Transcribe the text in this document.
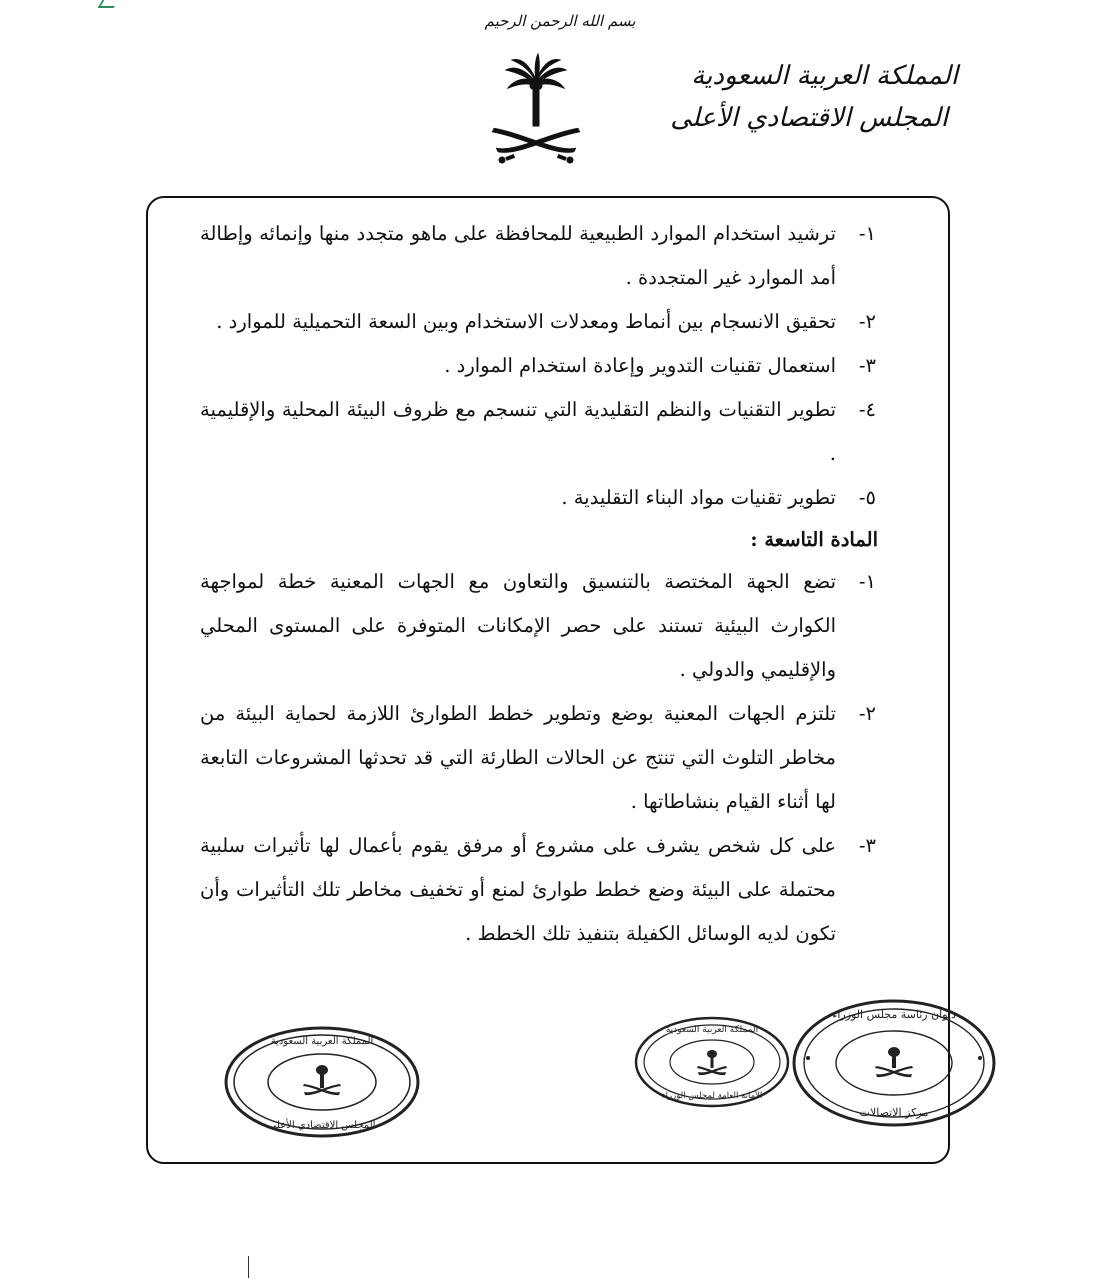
بسم الله الرحمن الرحيم
المملكة العربية السعودية
المجلس الاقتصادي الأعلى
١-
ترشيد استخدام الموارد الطبيعية للمحافظة على ماهو متجدد منها وإنمائه وإطالة أمد الموارد غير المتجددة .
٢-
تحقيق الانسجام بين أنماط ومعدلات الاستخدام وبين السعة التحميلية للموارد .
٣-
استعمال تقنيات التدوير وإعادة استخدام الموارد .
٤-
تطوير التقنيات والنظم التقليدية التي تنسجم مع ظروف البيئة المحلية والإقليمية .
٥-
تطوير تقنيات مواد البناء التقليدية .
المادة التاسعة :
١-
تضع الجهة المختصة بالتنسيق والتعاون مع الجهات المعنية خطة لمواجهة الكوارث البيئية تستند على حصر الإمكانات المتوفرة على المستوى المحلي والإقليمي والدولي .
٢-
تلتزم الجهات المعنية بوضع وتطوير خطط الطوارئ اللازمة لحماية البيئة من مخاطر التلوث التي تنتج عن الحالات الطارئة التي قد تحدثها المشروعات التابعة لها أثناء القيام بنشاطاتها .
٣-
على كل شخص يشرف على مشروع أو مرفق يقوم بأعمال لها تأثيرات سلبية محتملة على البيئة وضع خطط طوارئ لمنع أو تخفيف مخاطر تلك التأثيرات وأن تكون لديه الوسائل الكفيلة بتنفيذ تلك الخطط .
المملكة العربية السعودية
المجلس الاقتصادي الأعلى
المملكة العربية السعودية
الأمانة العامة لمجلس الوزراء
ديوان رئاسة مجلس الوزراء
مركز الاتصالات
